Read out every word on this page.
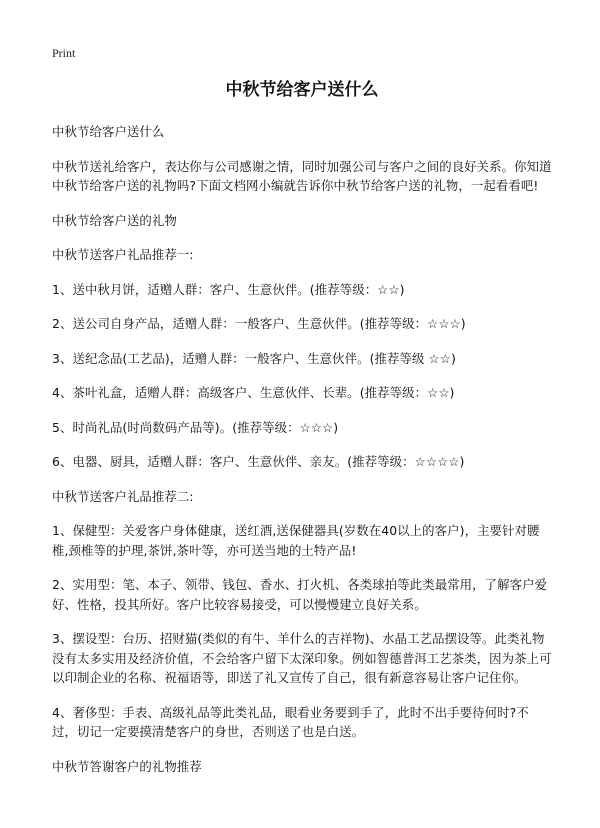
Print
中秋节给客户送什么

中秋节给客户送什么

中秋节送礼给客户，表达你与公司感谢之情，同时加强公司与客户之间的良好关系。你知道中秋节给客户送的礼物吗?下面文档网小编就告诉你中秋节给客户送的礼物，一起看看吧!

中秋节给客户送的礼物

中秋节送客户礼品推荐一:

1、送中秋月饼，适赠人群：客户、生意伙伴。(推荐等级：☆☆)

2、送公司自身产品，适赠人群：一般客户、生意伙伴。(推荐等级：☆☆☆)

3、送纪念品(工艺品)，适赠人群：一般客户、生意伙伴。(推荐等级 ☆☆)

4、茶叶礼盒，适赠人群：高级客户、生意伙伴、长辈。(推荐等级：☆☆)

5、时尚礼品(时尚数码产品等)。(推荐等级：☆☆☆)

6、电器、厨具，适赠人群：客户、生意伙伴、亲友。(推荐等级：☆☆☆☆)

中秋节送客户礼品推荐二:

1、保健型：关爱客户身体健康，送红酒,送保健器具(岁数在40以上的客户)，主要针对腰椎,颈椎等的护理,茶饼,茶叶等，亦可送当地的土特产品!

2、实用型：笔、本子、领带、钱包、香水、打火机、各类球拍等此类最常用，了解客户爱好、性格，投其所好。客户比较容易接受，可以慢慢建立良好关系。

3、摆设型：台历、招财猫(类似的有牛、羊什么的吉祥物)、水晶工艺品摆设等。此类礼物没有太多实用及经济价值，不会给客户留下太深印象。例如智德普洱工艺茶类，因为茶上可以印制企业的名称、祝福语等，即送了礼又宣传了自己，很有新意容易让客户记住你。

4、奢侈型：手表、高级礼品等此类礼品，眼看业务要到手了，此时不出手要待何时?不过，切记一定要摸清楚客户的身世，否则送了也是白送。

中秋节答谢客户的礼物推荐
